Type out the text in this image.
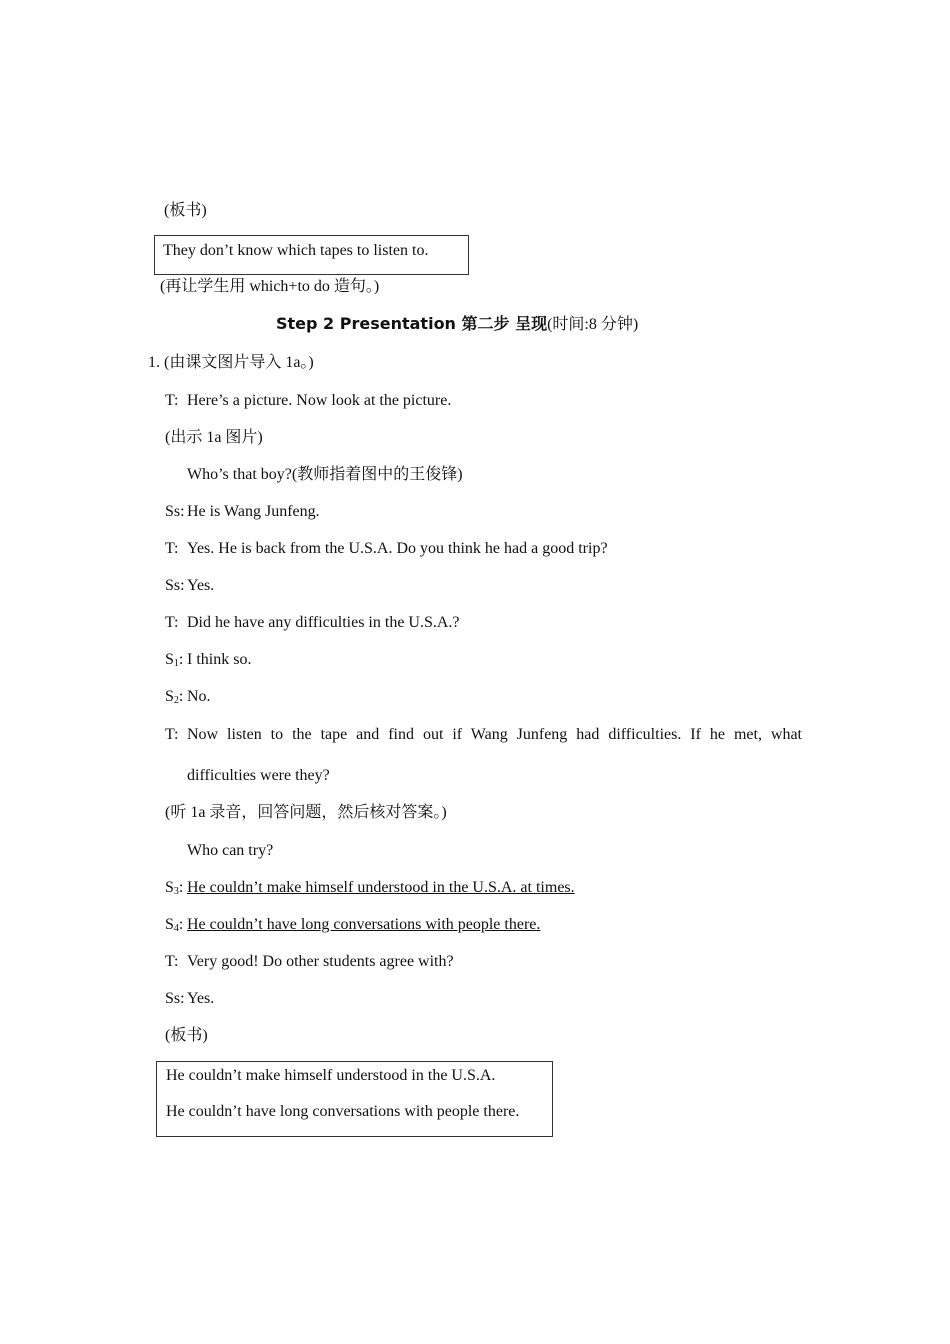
(板书)
They don’t know which tapes to listen to.
(再让学生用 which+to do 造句。)
Step 2 Presentation 第二步 呈现(时间:8 分钟)
1. (由课文图片导入 1a。)
T: Here’s a picture. Now look at the picture.
(出示 1a 图片)
Who’s that boy?(教师指着图中的王俊锋)
Ss: He is Wang Junfeng.
T: Yes. He is back from the U.S.A. Do you think he had a good trip?
Ss: Yes.
T: Did he have any difficulties in the U.S.A.?
$S_1$: I think so.
$S_2$: No.
T: Now listen to the tape and find out if Wang Junfeng had difficulties. If he met, what
difficulties were they?
(听 1a 录音，回答问题，然后核对答案。)
Who can try?
$S_3$: He couldn’t make himself understood in the U.S.A. at times.
$S_4$: He couldn’t have long conversations with people there.
T: Very good! Do other students agree with?
Ss: Yes.
(板书)
He couldn’t make himself understood in the U.S.A.
He couldn’t have long conversations with people there.
